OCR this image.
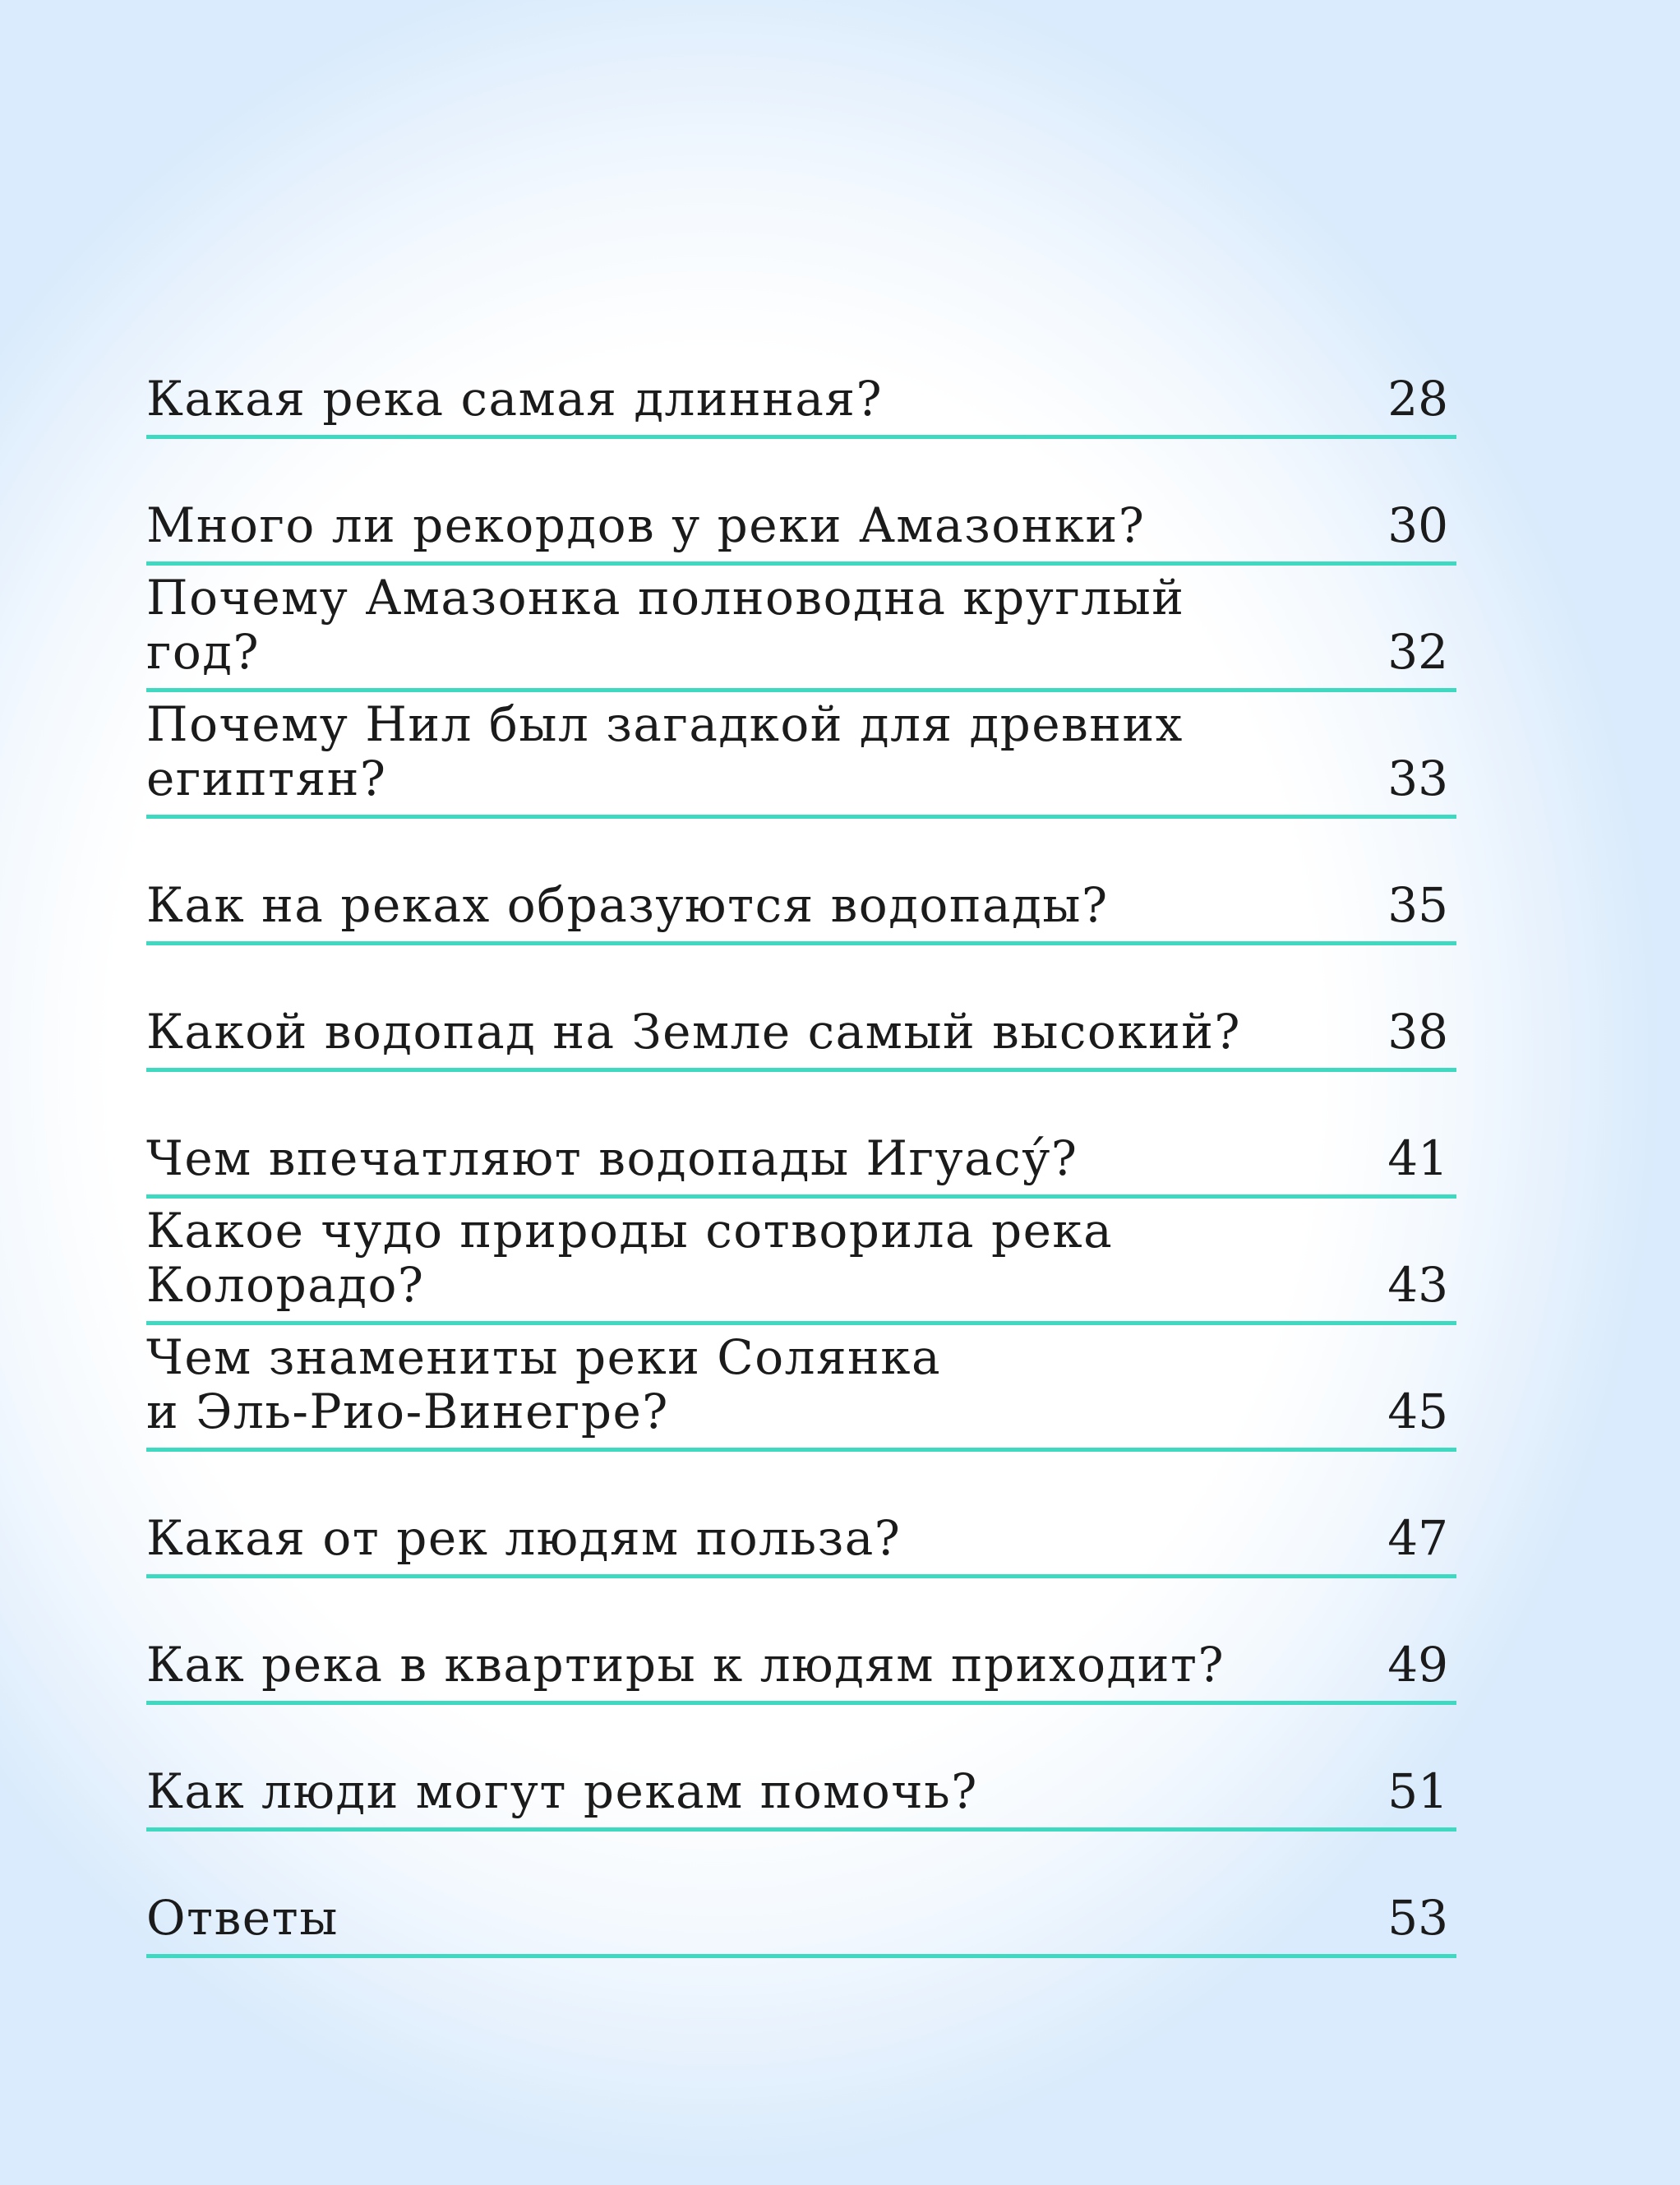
Какая река самая длинная?	28
Много ли рекордов у реки Амазонки?	30
Почему Амазонка полноводна круглый год?	32
Почему Нил был загадкой для древних
египтян?	33
Как на реках образуются водопады?	35
Какой водопад на Земле самый высокий?	38
Чем впечатляют водопады Игуасу́?	41
Какое чудо природы сотворила река Колорадо?	43
Чем знамениты реки Солянка
и Эль-Рио-Винегре?	45
Какая от рек людям польза?	47
Как река в квартиры к людям приходит?	49
Как люди могут рекам помочь?	51
Ответы	53
